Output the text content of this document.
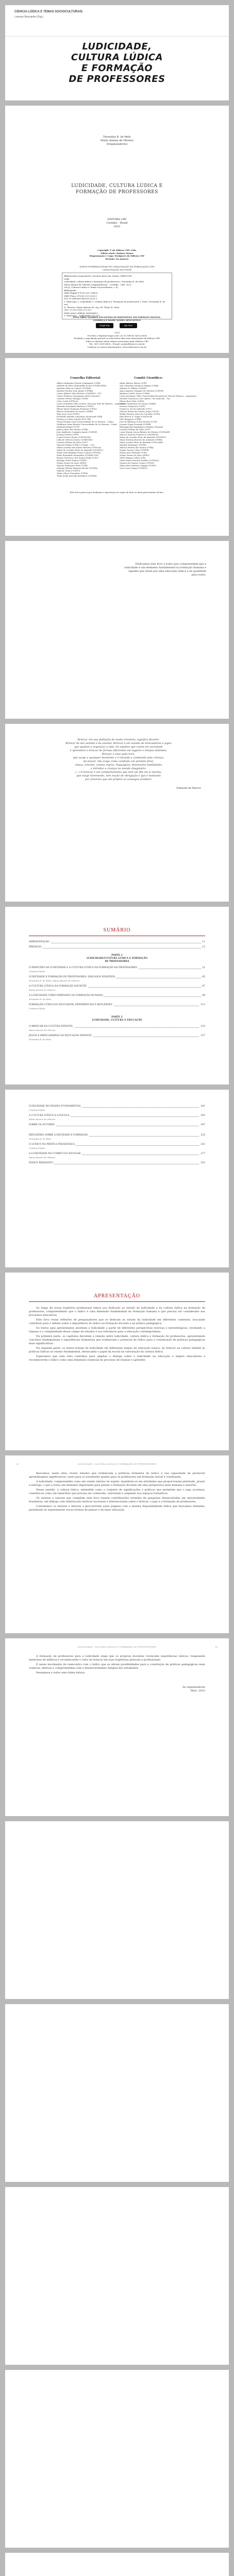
CIENCIA LÚDICA E TEMAS SOCIOCULTURAIS
Lorenzo Boscardin (Org.)
LUDICIDADE,
CULTURA LÚDICA
E FORMAÇÃO
DE PROFESSORES
Teresinha R. de Melo
Maria Alzenir de Oliveira
(Organizadores)
LUDICIDADE, CULTURA LÚDICA E
FORMAÇÃO DE PROFESSORES
EDITORA CRV
Curitiba – Brasil
2023
Copyright © da Editora CRV Ltda.
Editor-chefe: Railson Moura
Diagramação e Capa: Designers da Editora CRV
Revisão: Os Autores
DADOS INTERNACIONAIS DE CATALOGAÇÃO NA PUBLICAÇÃO (CIP)
CATALOGAÇÃO NA FONTE
Bibliotecária responsável: Luzenira Alves dos Santos CRB9/1506
L948
Ludicidade, cultura lúdica e formação de professores / Teresinha R. de Melo,
Maria Alzenir de Oliveira (organizadoras) – Curitiba : CRV, 2023.
356 p. (Ciência Lúdica e Temas Socioculturais, v. 4)
Bibliografia
ISBN Digital 978-65-251-2346-8
ISBN Físico 978-65-251-2350-5
DOI 10.24824/978652512350.5
1. Educação 2. Ludicidade 3. Cultura lúdica 4. Formação de professores I. Melo, Teresinha R. de. org.
II. Oliveira, Maria Alzenir de. org. III. Título IV. Série.
CDU 37.015 CDD 371.337
Índice para catálogo sistemático
1. Educação – Ludicidade 371.337
ESTA OBRA TAMBÉM ENCONTRA-SE DISPONÍVEL EM FORMATO DIGITAL.
CONHEÇA E BAIXE NOSSO APLICATIVO!
Google Play	App Store
2023
Foi feito o depósito legal conf. Lei 10.994 de 14/12/2004
Proibida a reprodução parcial ou total desta obra sem autorização da Editora CRV
Todos os direitos desta edição reservados pela: Editora CRV
Tel.: (41) 3039-6418 – E-mail: sac@editoracrv.com.br
Conheça os nossos lançamentos: www.editoracrv.com.br
Conselho Editorial:
Aldira Guimarães Duarte Domínguez (UNB)
Andréia da Silva Quintanilha Sousa (UNIR/UFRN)
Anselmo Alencar Colares (UFOPA)
Antônio Pereira Gaio Júnior (UFRRJ)
Carlos Alberto Vilar Estêvão (UMINHO – PT)
Carlos Federico Domínguez Avila (Unieuro)
Carmen Tereza Velanga (UNIR)
Celso Conti (UFSCar)
Cesar Gerónimo Tello (Univer. Nacional Três de Febrero – Argentina)
Eduardo Fernandes Barbosa (UFMG)
Elione Maria Nogueira Diogenes (UFAL)
Elizeu Clementino de Souza (UNEB)
Élsio José Corá (UFFS)
Fernando Antônio Gonçalves Alcoforado (IPB)
Francisco Carlos Duarte (PUC-PR)
Gloria Fariñas León (Universidade de La Havana – Cuba)
Guillermo Arias Beatón (Universidade de La Havana – Cuba)
Helmuth Krüger (UCP)
Jailson Alves dos Santos (UFRJ)
João Adalberto Campato Junior (UNESP)
Josania Portela (UFPI)
Leonel Severo Rocha (UNISINOS)
Lídia de Oliveira Xavier (UNIEURO)
Lourdes Helena da Silva (UFV)
Marcelo Paixão (UFRJ e UTexas – US)
Maria Cristina dos Santos Bezerra (UFSCar)
Maria de Lourdes Pinto de Almeida (UNOESC)
Maria Lília Imbiriba Sousa Colares (UFOPA)
Paulo Romualdo Hernandes (UNIFAL-MG)
Renato Francisco dos Santos Paula (UFG)
Rodrigo Pratte-Santos (UFES)
Sérgio Nunes de Jesus (IFRO)
Simone Rodrigues Pinto (UNB)
Solange Helena Ximenes-Rocha (UFOPA)
Sydione Santos (UEPG)
Tadeu Oliver Gonçalves (UFPA)
Tania Suely Azevedo Brasileiro (UFOPA)
Comitê Científico:
Altair Alberto Fávero (UPF)
Ana Chrystina Venancio Mignot (UERJ)
Andréia N. Militão (UEMS)
Anna Augusta Sampaio de Oliveira (UNESP)
Barbara Coelho Neves (UFBA)
Cesar Gerónimo Tello (Universidad Nacional de Três de Febrero – Argentina)
Diosnel Centurion (Univ Americ. de Asunción – Py)
Eliane Rose Maio (UEM)
Elizeu Clementino de Souza (UNEB)
Fauston Negreiros (UFPI)
Francisco Ari de Andrade (UFC)
Gláucia Maria dos Santos Jorge (UFOP)
Helder Buenos Aires de Carvalho (UFPI)
Ilma Passos A. Veiga (UNICEUB)
Inês Bragança (UERJ)
José de Ribamar Sousa Pereira (UCB)
Jussara Fraga Portugal (UNEB)
Kilwangy Kya Kapitango-a-Samba (Unemat)
Lourdes Helena da Silva (UFV)
Lucia Marisy Souza Ribeiro de Oliveira (UNIVASF)
Marcos Vinicius Francisco (UNOESTE)
Maria de Lourdes Pinto de Almeida (UNOESC)
Maria Eurácia Barreto de Andrade (UFRB)
Maria Lurdes Pinto de Almeida (UNICAMP)
Michele Rodrigues (UFPR)
Mônica Pereira dos Santos (UFRJ)
Najela Tavares Ujiie (UTFPR)
Nilson José Machado (USP)
Sérgio Nunes de Jesus (IFRO)
Silvia Regina Canan (URI)
Sonia Maria Ferreira Koehler (UNISAL)
Suzana dos Santos Gomes (UFMG)
Vânia Alves Martins Chaigar (FURG)
Vera Lucia Gaspar (UDESC)
Este livro passou por avaliação e aprovação às cegas de dois ou mais pareceristas ad hoc.
Dedicamos este livro a todos que compreendem que a ludicidade é um elemento fundamental na formação humana e àqueles que lutam por uma educação lúdica e de qualidade para todos.
Brincar, em sua definição de modo irrestrito, significa divertir;
Brincar de dar sentido e de ensinar. Brincar é um mundo de brincadeiras e jogos
que ajudam a organizar a vida. Os sujeitos que vivem em sociedade
e aprendem a brincar de formas diferentes em lugares e tempos distintos.
Brincar é uma ação livre,
que surge a qualquer momento e é iniciada e conduzida pela criança;
dá prazer, não exige como condição um produto final;
relaxa, envolve, ensina regras, linguagens, desenvolve habilidades
e introduz a criança no mundo imaginário.
(...) O brincar é um comportamento que tem um fim em si mesmo,
que surge livremente, sem noção de obrigação e que é motivado
por prazeres que ele próprio se consegue produzir.
Edmund de Barros
SUMÁRIO
APRESENTAÇÃO	11
PREFÁCIO	15
PARTE 1
LUDICIDADE/CULTURA LÚDICA E FORMAÇÃO
DE PROFESSORES
O PRINCÍPIO DA LUDICIDADE E A CULTURA LÚDICA NA FORMAÇÃO DE PROFESSORES	21
Cristina d'Ávila
LUDICIDADE E FORMAÇÃO DE PROFESSORES: DIÁLOGOS POSSÍVEIS	45
Teresinha R. de Melo / Maria Alzenir de Oliveira
A CULTURA LÚDICA NA FORMAÇÃO DOCENTE	67
Maria Alzenir de Oliveira
A LUDICIDADE COMO DIMENSÃO DA FORMAÇÃO HUMANA	89
Teresinha R. de Melo
FORMAÇÃO LÚDICA DO EDUCADOR: EXPERIÊNCIAS E REFLEXÕES	111
Cristina d'Ávila
PARTE 2
LUDICIDADE, CULTURA E EDUCAÇÃO
O BRINCAR NA CULTURA INFANTIL	133
Maria Alzenir de Oliveira
JOGOS E BRINCADEIRAS NA EDUCAÇÃO INFANTIL	157
Teresinha R. de Melo
LUDICIDADE NO ENSINO FUNDAMENTAL	181
Cristina d'Ávila
A CULTURA LÚDICA E A ESCOLA	203
Maria Alzenir de Oliveira
SOBRE OS AUTORES	347
REFLEXÕES SOBRE LUDICIDADE E FORMAÇÃO	225
Teresinha R. de Melo
O LÚDICO NA PRÁTICA PEDAGÓGICA	251
Cristina d'Ávila
A LUDICIDADE NO CURRÍCULO ESCOLAR	277
Maria Alzenir de Oliveira
ÍNDICE REMISSIVO	353
APRESENTAÇÃO

Ao longo de nossa trajetória profissional temos nos dedicado ao estudo da ludicidade e da cultura lúdica na formação de professores, compreendendo que o lúdico é uma dimensão fundamental da formação humana e que precisa ser considerado nos processos educativos.

Este livro reúne reflexões de pesquisadores que se dedicam ao estudo da ludicidade em diferentes contextos, buscando contribuir para o debate sobre a importância do lúdico na formação docente e na prática pedagógica.

Os textos aqui apresentados abordam a ludicidade a partir de diferentes perspectivas teóricas e metodológicas, revelando a riqueza e a complexidade desse campo de estudos e sua relevância para a educação contemporânea.

Na primeira parte, os capítulos discutem a relação entre ludicidade, cultura lúdica e formação de professores, apresentando conceitos fundamentais e experiências formativas que evidenciam o potencial do lúdico para a constituição de práticas pedagógicas mais significativas.

Na segunda parte, os textos tratam da ludicidade em diferentes etapas da educação básica, do brincar na cultura infantil às práticas lúdicas no ensino fundamental, destacando o papel da escola na valorização da cultura lúdica.

Esperamos que esta obra contribua para ampliar o diálogo sobre a ludicidade na educação e inspire educadores a reconhecerem o lúdico como uma dimensão essencial do processo de ensinar e aprender.

LUDICIDADE, CULTURA LÚDICA E FORMAÇÃO DE PROFESSORES
12

Buscamos, nesta obra, reunir estudos que evidenciam a potência formativa do lúdico e sua capacidade de promover aprendizagens significativas, tanto para os estudantes quanto para os professores em formação inicial e continuada.

A ludicidade, compreendida como um estado interno do sujeito, manifesta-se em atividades que proporcionam plenitude, prazer e entrega, o que a torna um elemento importante para pensar a formação docente em uma perspectiva mais humana e sensível.

Nesse sentido, a cultura lúdica, entendida como o conjunto de significações e práticas que permitem que o jogo aconteça, constitui-se como um repertório que precisa ser conhecido, valorizado e ampliado nos espaços formativos.

Os autores e autoras que compõem este livro trazem contribuições oriundas de pesquisas desenvolvidas em universidades brasileiras, em diálogo com referenciais teóricos nacionais e internacionais sobre o brincar, o jogo e a formação de professores.

Convidamos os leitores e leitoras a percorrerem estas páginas com a mesma disponibilidade lúdica que buscamos defender, permitindo-se experimentar novas formas de pensar e de fazer educação.

LUDICIDADE, CULTURA LÚDICA E FORMAÇÃO DE PROFESSORES	13

A formação de professores para a ludicidade exige que os próprios docentes vivenciem experiências lúdicas, resgatando memórias de infância e reconhecendo o valor do brincar em suas trajetórias pessoais e profissionais.

É nesse movimento de reencontro com o lúdico que se abrem possibilidades para a construção de práticas pedagógicas mais criativas, afetivas e comprometidas com o desenvolvimento integral dos estudantes.

Desejamos a todos uma ótima leitura.

As organizadoras
Maio, 2023
